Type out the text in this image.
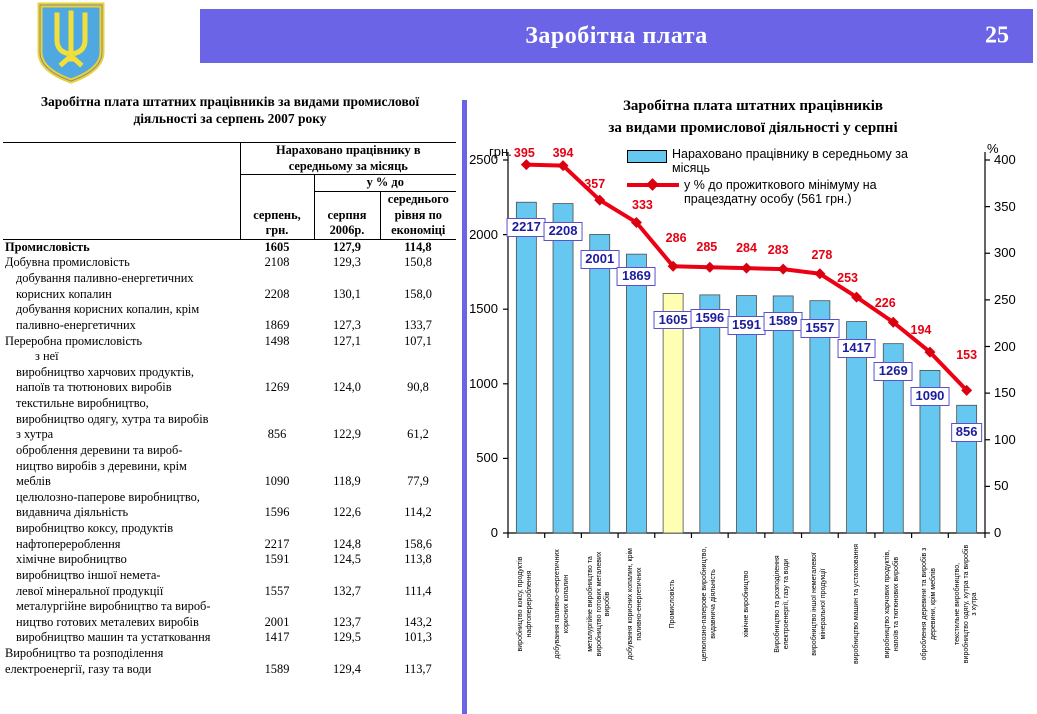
Заробітна плата	25
Заробітна плата штатних працівників за видами промислової
діяльності за серпень 2007 року
	Нараховано працівнику в середньому за місяць		
	серпень,
грн.	у % до	
		серпня
2006р.	середнього
рівня по
економіці
Промисловість	1605	127,9	114,8
Добувна промисловість	2108	129,3	150,8
добування паливно-енергетичних
корисних копалин	2208	130,1	158,0
добування корисних копалин, крім
паливно-енергетичних	1869	127,3	133,7
Переробна промисловість	1498	127,1	107,1
з неї			
виробництво харчових продуктів,
напоїв та тютюнових виробів	1269	124,0	90,8
текстильне виробництво,
виробництво одягу, хутра та виробів
з хутра	856	122,9	61,2
оброблення деревини та вироб-
ництво виробів з деревини, крім
меблів	1090	118,9	77,9
целюлозно-паперове виробництво,
видавнича діяльність	1596	122,6	114,2
виробництво коксу, продуктів
нафтоперероблення	2217	124,8	158,6
хімічне виробництво	1591	124,5	113,8
виробництво іншої немета-
левої мінеральної продукції	1557	132,7	111,4
металургійне виробництво та вироб-
ництво готових металевих виробів	2001	123,7	143,2
виробництво машин та устатковання	1417	129,5	101,3
Виробництво та розподілення
електроенергії, газу та води	1589	129,4	113,7
Заробітна плата штатних працівників
за видами промислової діяльності у серпні
Нараховано працівнику в середньому за місяць
у % до прожиткового мінімуму на працездатну особу (561 грн.)
грн.	%
2500
2000
1500
1000
500
0
400
350
300
250
200
150
100
50
0
2217 2208
2001
1869
1605 1596 1591 1589 1557
1417
1269
1090
856
395 394
357
333
286
285 284 283 278
253
226
194
153
виробництво коксу, продуктів нафтоперероблення	добування паливно-енергетичних корисних копалин	металургійне виробництво та виробництво готових металевих виробів	добування корисних копалин, крім паливно-енергетичних	Промисловість	целюлозно-паперове виробництво, видавнича діяльність	хімічне виробництво	Виробництво та розподілення електроенергії, газу та води	виробництво іншої неметалевої мінеральної продукції	виробництво машин та устатковання	виробництво харчових продуктів, напоїв та тютюнових виробів	оброблення деревини та виробів з деревини, крім меблів	текстильне виробництво, виробництво одягу, хутра та виробів з хутра
